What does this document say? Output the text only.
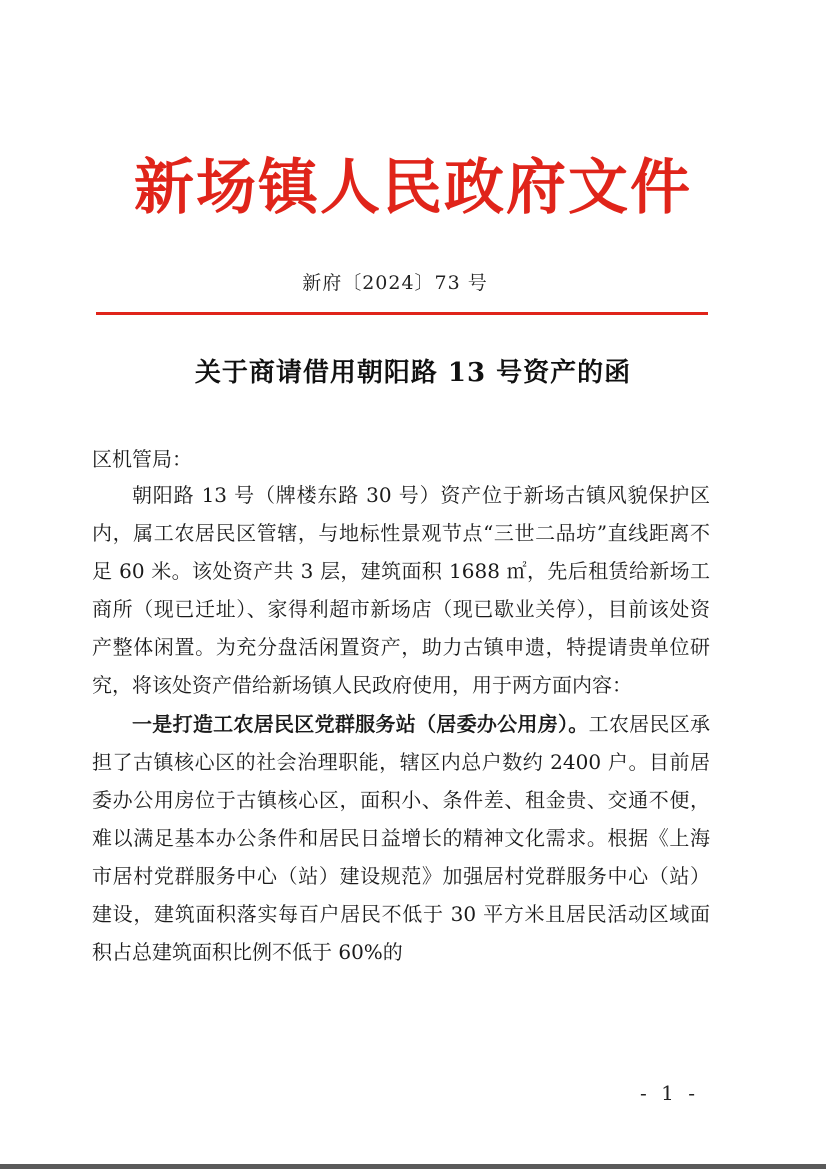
新场镇人民政府文件
新府〔2024〕73 号
关于商请借用朝阳路 13 号资产的函
区机管局：

朝阳路 13 号（牌楼东路 30 号）资产位于新场古镇风貌保护区内，属工农居民区管辖，与地标性景观节点“三世二品坊”直线距离不足 60 米。该处资产共 3 层，建筑面积 1688 ㎡，先后租赁给新场工商所（现已迁址）、家得利超市新场店（现已歇业关停），目前该处资产整体闲置。为充分盘活闲置资产，助力古镇申遗，特提请贵单位研究，将该处资产借给新场镇人民政府使用，用于两方面内容：

一是打造工农居民区党群服务站（居委办公用房）。工农居民区承担了古镇核心区的社会治理职能，辖区内总户数约 2400 户。目前居委办公用房位于古镇核心区，面积小、条件差、租金贵、交通不便，难以满足基本办公条件和居民日益增长的精神文化需求。根据《上海市居村党群服务中心（站）建设规范》加强居村党群服务中心（站）建设，建筑面积落实每百户居民不低于 30 平方米且居民活动区域面积占总建筑面积比例不低于 60%的

- 1 -
